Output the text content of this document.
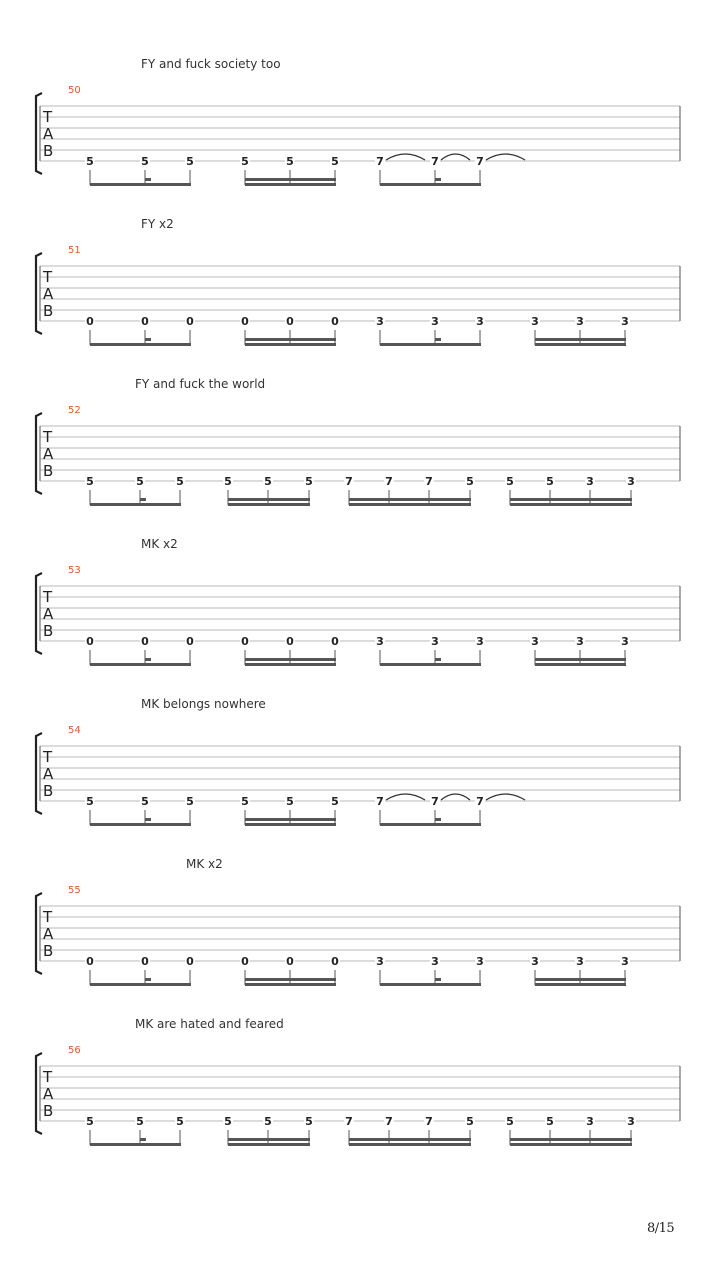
FY and fuck society too
50
T
A
B
5	5	5	5	5	5	7	7	7
FY x2
51
T
A
B
0	0	0	0	0	0	3	3	3	3	3	3
FY and fuck the world
52
T
A
B
5	5	5	5	5	5	7	7	7	5	5	5	3	3
MK x2
53
T
A
B
0	0	0	0	0	0	3	3	3	3	3	3
MK belongs nowhere
54
T
A
B
5	5	5	5	5	5	7	7	7
MK x2
55
T
A
B
0	0	0	0	0	0	3	3	3	3	3	3
MK are hated and feared
56
T
A
B
5	5	5	5	5	5	7	7	7	5	5	5	3	3
8/15
